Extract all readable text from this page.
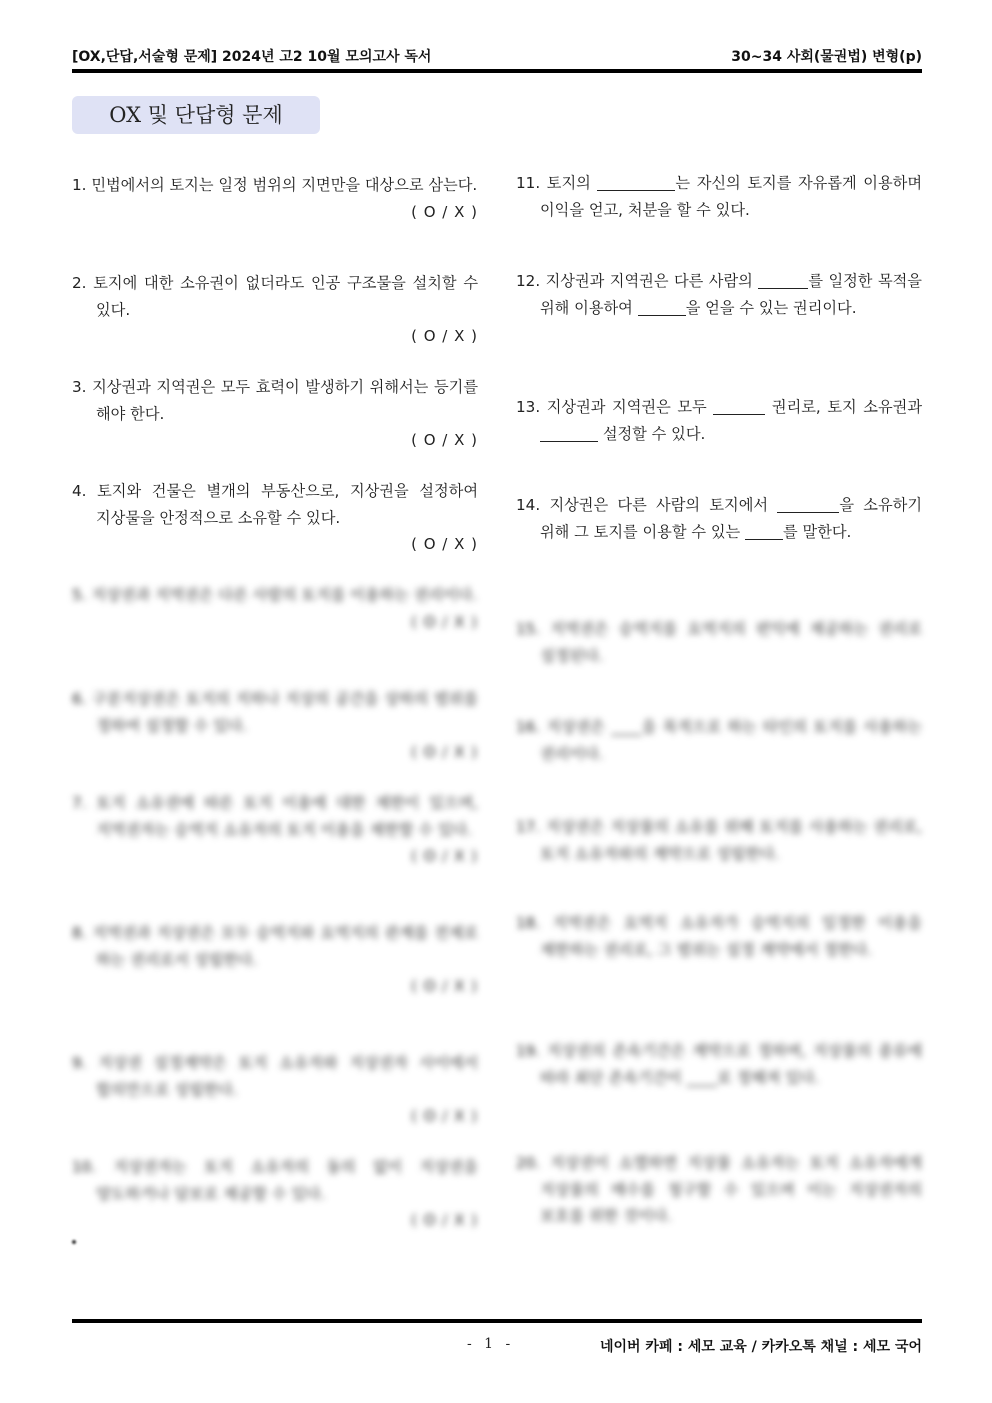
[OX,단답,서술형 문제] 2024년 고2 10월 모의고사 독서	30~34 사회(물권법) 변형(p)
OX 및 단답형 문제
1. 민법에서의 토지는 일정 범위의 지면만을 대상으로 삼는다.
( O / X )
2. 토지에 대한 소유권이 없더라도 인공 구조물을 설치할 수 있다.
( O / X )
3. 지상권과 지역권은 모두 효력이 발생하기 위해서는 등기를 해야 한다.
( O / X )
4. 토지와 건물은 별개의 부동산으로, 지상권을 설정하여 지상물을 안정적으로 소유할 수 있다.
( O / X )
5. 지상권과 지역권은 다른 사람의 토지를 이용하는 권리이다.
( O / X )
6. 구분지상권은 토지의 지하나 지상의 공간을 상하의 범위를 정하여 설정할 수 있다.
( O / X )
7. 토지 소유권에 따른 토지 이용에 대한 제한이 있으며, 지역권자는 승역지 소유자의 토지 이용을 제한할 수 있다.
( O / X )
8. 지역권과 지상권은 모두 승역지와 요역지의 관계를 전제로 하는 권리로서 성립한다.
( O / X )
9. 지상권 설정계약은 토지 소유자와 지상권자 사이에서 합의만으로 성립한다.
( O / X )
10. 지상권자는 토지 소유자의 동의 없이 지상권을 양도하거나 담보로 제공할 수 있다.
( O / X )
11. 토지의	는 자신의 토지를 자유롭게 이용하며 이익을 얻고, 처분을 할 수 있다.
12. 지상권과 지역권은 다른 사람의	를 일정한 목적을 위해 이용하여	을 얻을 수 있는 권리이다.
13. 지상권과 지역권은 모두	권리로, 토지 소유권과  설정할 수 있다.
14. 지상권은 다른 사람의 토지에서	을 소유하기 위해 그 토지를 이용할 수 있는	를 말한다.
15. 지역권은 승역지를 요역지의 편익에 제공하는 권리로 설정된다.
16. 지상권은 ____을 목적으로 하는 타인의 토지를 사용하는 권리이다.
17. 지상권은 지상물의 소유를 위해 토지를 사용하는 권리로, 토지 소유자와의 계약으로 성립한다.
18. 지역권은 요역지 소유자가 승역지의 일정한 이용을 제한하는 권리로, 그 범위는 설정 계약에서 정한다.
19. 지상권의 존속기간은 계약으로 정하며, 지상물의 종류에 따라 최단 존속기간이 ____로 정해져 있다.
20. 지상권이 소멸하면 지상물 소유자는 토지 소유자에게 지상물의 매수를 청구할 수 있으며 이는 지상권자의 보호를 위한 것이다.
- 1 -	네이버 카페 : 세모 교육 / 카카오톡 채널 : 세모 국어
